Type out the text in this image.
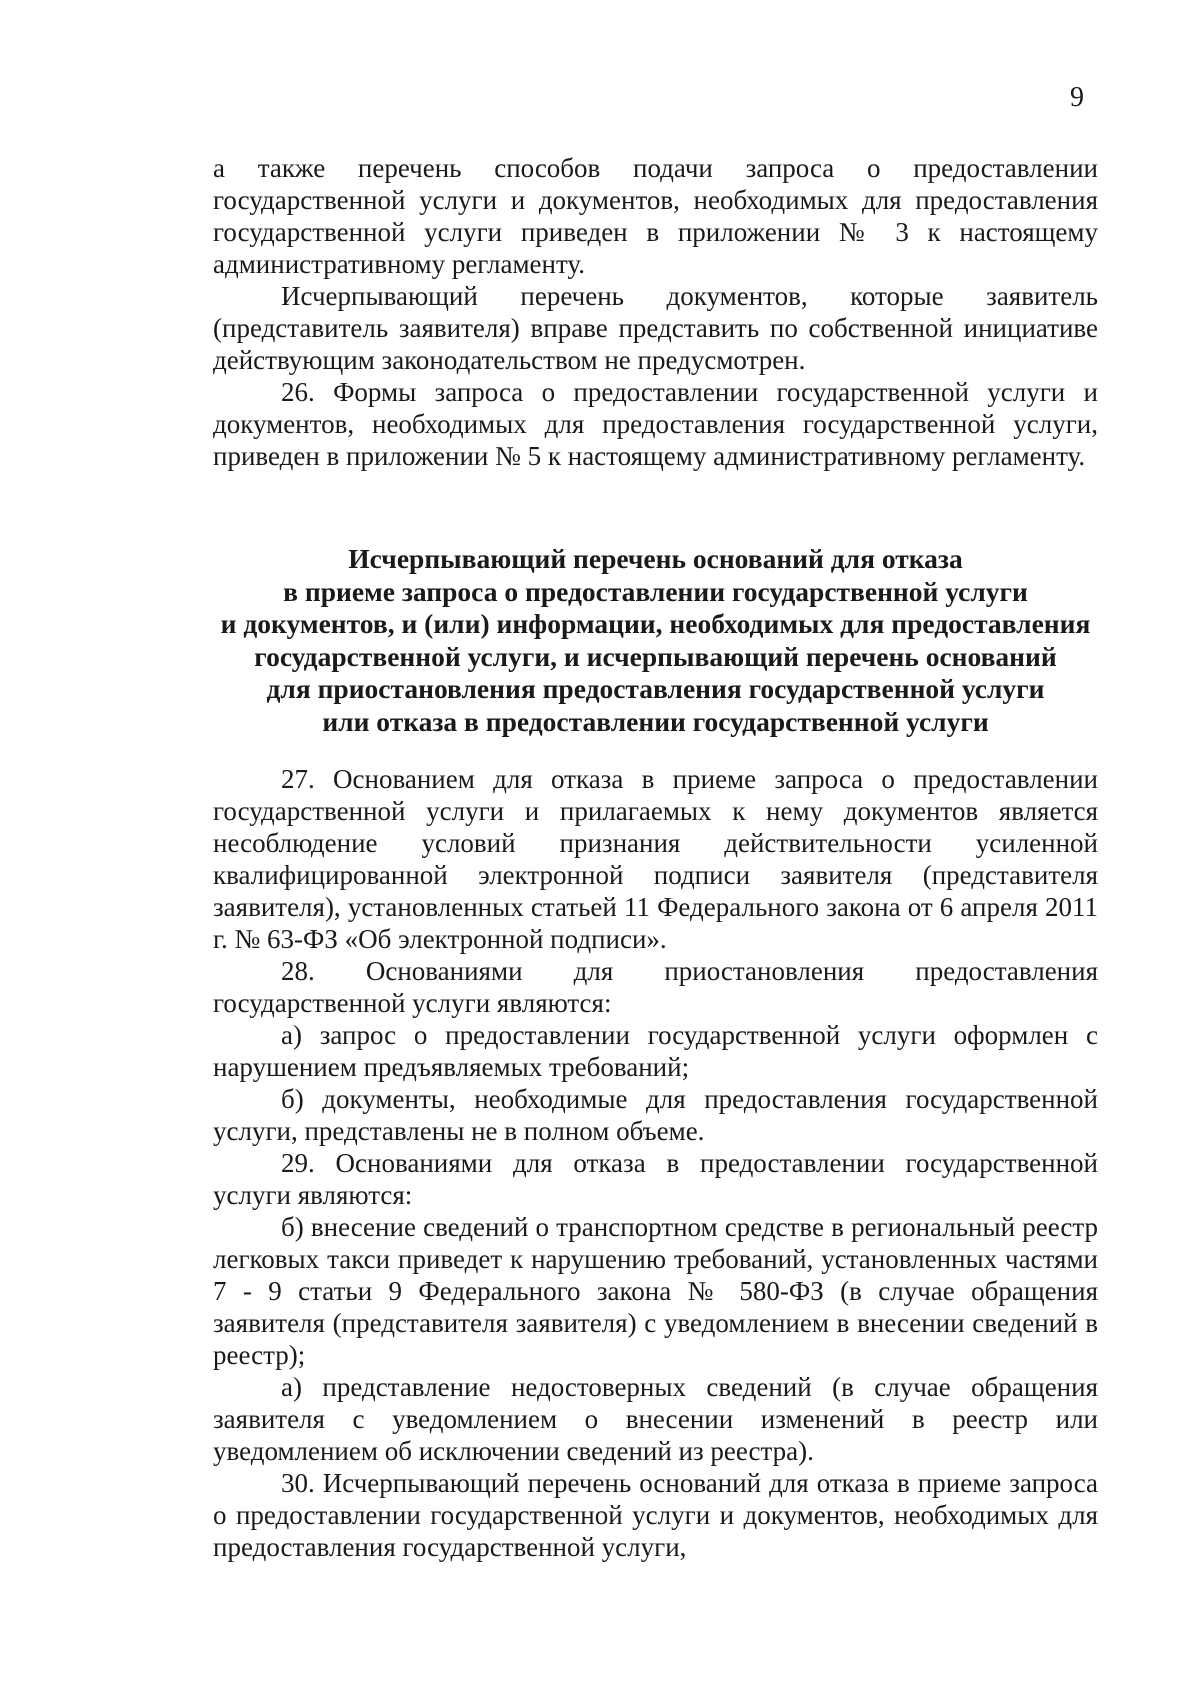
9

а также перечень способов подачи запроса о предоставлении государственной услуги и документов, необходимых для предоставления государственной услуги приведен в приложении № 3 к настоящему административному регламенту.

Исчерпывающий перечень документов, которые заявитель (представитель заявителя) вправе представить по собственной инициативе действующим законодательством не предусмотрен.

26. Формы запроса о предоставлении государственной услуги и документов, необходимых для предоставления государственной услуги, приведен в приложении № 5 к настоящему административному регламенту.

Исчерпывающий перечень оснований для отказа
в приеме запроса о предоставлении государственной услуги
и документов, и (или) информации, необходимых для предоставления
государственной услуги, и исчерпывающий перечень оснований
для приостановления предоставления государственной услуги
или отказа в предоставлении государственной услуги

27. Основанием для отказа в приеме запроса о предоставлении государственной услуги и прилагаемых к нему документов является несоблюдение условий признания действительности усиленной квалифицированной электронной подписи заявителя (представителя заявителя), установленных статьей 11 Федерального закона от 6 апреля 2011 г. № 63-ФЗ «Об электронной подписи».

28. Основаниями для приостановления предоставления государственной услуги являются:

а) запрос о предоставлении государственной услуги оформлен с нарушением предъявляемых требований;

б) документы, необходимые для предоставления государственной услуги, представлены не в полном объеме.

29. Основаниями для отказа в предоставлении государственной услуги являются:

б) внесение сведений о транспортном средстве в региональный реестр легковых такси приведет к нарушению требований, установленных частями 7 - 9 статьи 9 Федерального закона № 580-ФЗ (в случае обращения заявителя (представителя заявителя) с уведомлением в внесении сведений в реестр);

а) представление недостоверных сведений (в случае обращения заявителя с уведомлением о внесении изменений в реестр или уведомлением об исключении сведений из реестра).

30. Исчерпывающий перечень оснований для отказа в приеме запроса о предоставлении государственной услуги и документов, необходимых для предоставления государственной услуги,
